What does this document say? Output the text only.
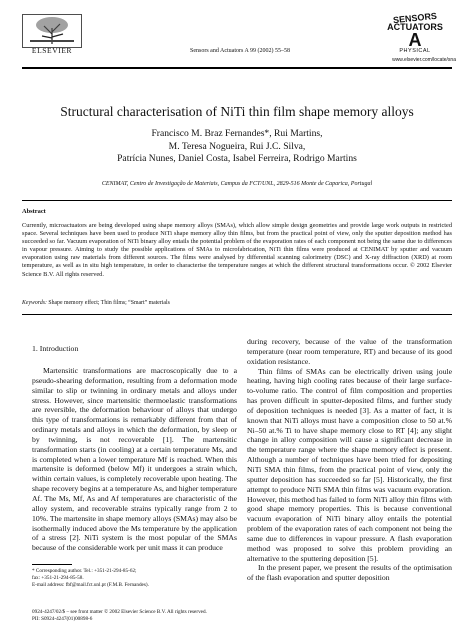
ELSEVIER	Sensors and Actuators A 99 (2002) 55–58
SENSORS
ACTUATORS
A
PHYSICAL
www.elsevier.com/locate/sna
Structural characterisation of NiTi thin film shape memory alloys
Francisco M. Braz Fernandes*, Rui Martins,
M. Teresa Nogueira, Rui J.C. Silva,
Patrícia Nunes, Daniel Costa, Isabel Ferreira, Rodrigo Martins
CENIMAT, Centro de Investigação de Materiais, Campus da FCT/UNL, 2829-516 Monte de Caparica, Portugal
Abstract
Currently, microactuators are being developed using shape memory alloys (SMAs), which allow simple design geometries and provide large work outputs in restricted space. Several techniques have been used to produce NiTi shape memory alloy thin films, but from the practical point of view, only the sputter deposition method has succeeded so far. Vacuum evaporation of NiTi binary alloy entails the potential problem of the evaporation rates of each component not being the same due to differences in vapour pressure. Aiming to study the possible applications of SMAs to microfabrication, NiTi thin films were produced at CENIMAT by sputter and vacuum evaporation using raw materials from different sources. The films were analysed by differential scanning calorimetry (DSC) and X-ray diffraction (XRD) at room temperature, as well as in situ high temperature, in order to characterise the temperature ranges at which the different structural transformations occur. © 2002 Elsevier Science B.V. All rights reserved.
Keywords: Shape memory effect; Thin films; “Smart” materials
1. Introduction

Martensitic transformations are macroscopically due to a pseudo-shearing deformation, resulting from a deformation mode similar to slip or twinning in ordinary metals and alloys under stress. However, since martensitic thermoelastic transformations are reversible, the deformation behaviour of alloys that undergo this type of transformations is remarkably different from that of ordinary metals and alloys in which the deformation, by sleep or by twinning, is not recoverable [1]. The martensitic transformation starts (in cooling) at a certain temperature Ms, and is completed when a lower temperature Mf is reached. When this martensite is deformed (below Mf) it undergoes a strain which, within certain values, is completely recoverable upon heating. The shape recovery begins at a temperature As, and higher temperature Af. The Ms, Mf, As and Af temperatures are characteristic of the alloy system, and recoverable strains typically range from 2 to 10%. The martensite in shape memory alloys (SMAs) may also be isothermally induced above the Ms temperature by the application of a stress [2]. NiTi system is the most popular of the SMAs because of the considerable work per unit mass it can produce

during recovery, because of the value of the transformation temperature (near room temperature, RT) and because of its good oxidation resistance.

Thin films of SMAs can be electrically driven using joule heating, having high cooling rates because of their large surface-to-volume ratio. The control of film composition and properties has proven difficult in sputter-deposited films, and further study of deposition techniques is needed [3]. As a matter of fact, it is known that NiTi alloys must have a composition close to 50 at.% Ni–50 at.% Ti to have shape memory close to RT [4]; any slight change in alloy composition will cause a significant decrease in the temperature range where the shape memory effect is present. Although a number of techniques have been tried for depositing NiTi SMA thin films, from the practical point of view, only the sputter deposition has succeeded so far [5]. Historically, the first attempt to produce NiTi SMA thin films was vacuum evaporation. However, this method has failed to form NiTi alloy thin films with good shape memory properties. This is because conventional vacuum evaporation of NiTi binary alloy entails the potential problem of the evaporation rates of each component not being the same due to differences in vapour pressure. A flash evaporation method was proposed to solve this problem providing an alternative to the sputtering deposition [5].

In the present paper, we present the results of the optimisation of the flash evaporation and sputter deposition

* Corresponding author. Tel.: +351-21-294-85-62;
fax: +351-21-294-85-58.
E-mail address: fbf@mail.fct.unl.pt (F.M.B. Fernandes).
0924-4247/02/$ – see front matter © 2002 Elsevier Science B.V. All rights reserved.
PII: S0924-4247(01)00898-6
